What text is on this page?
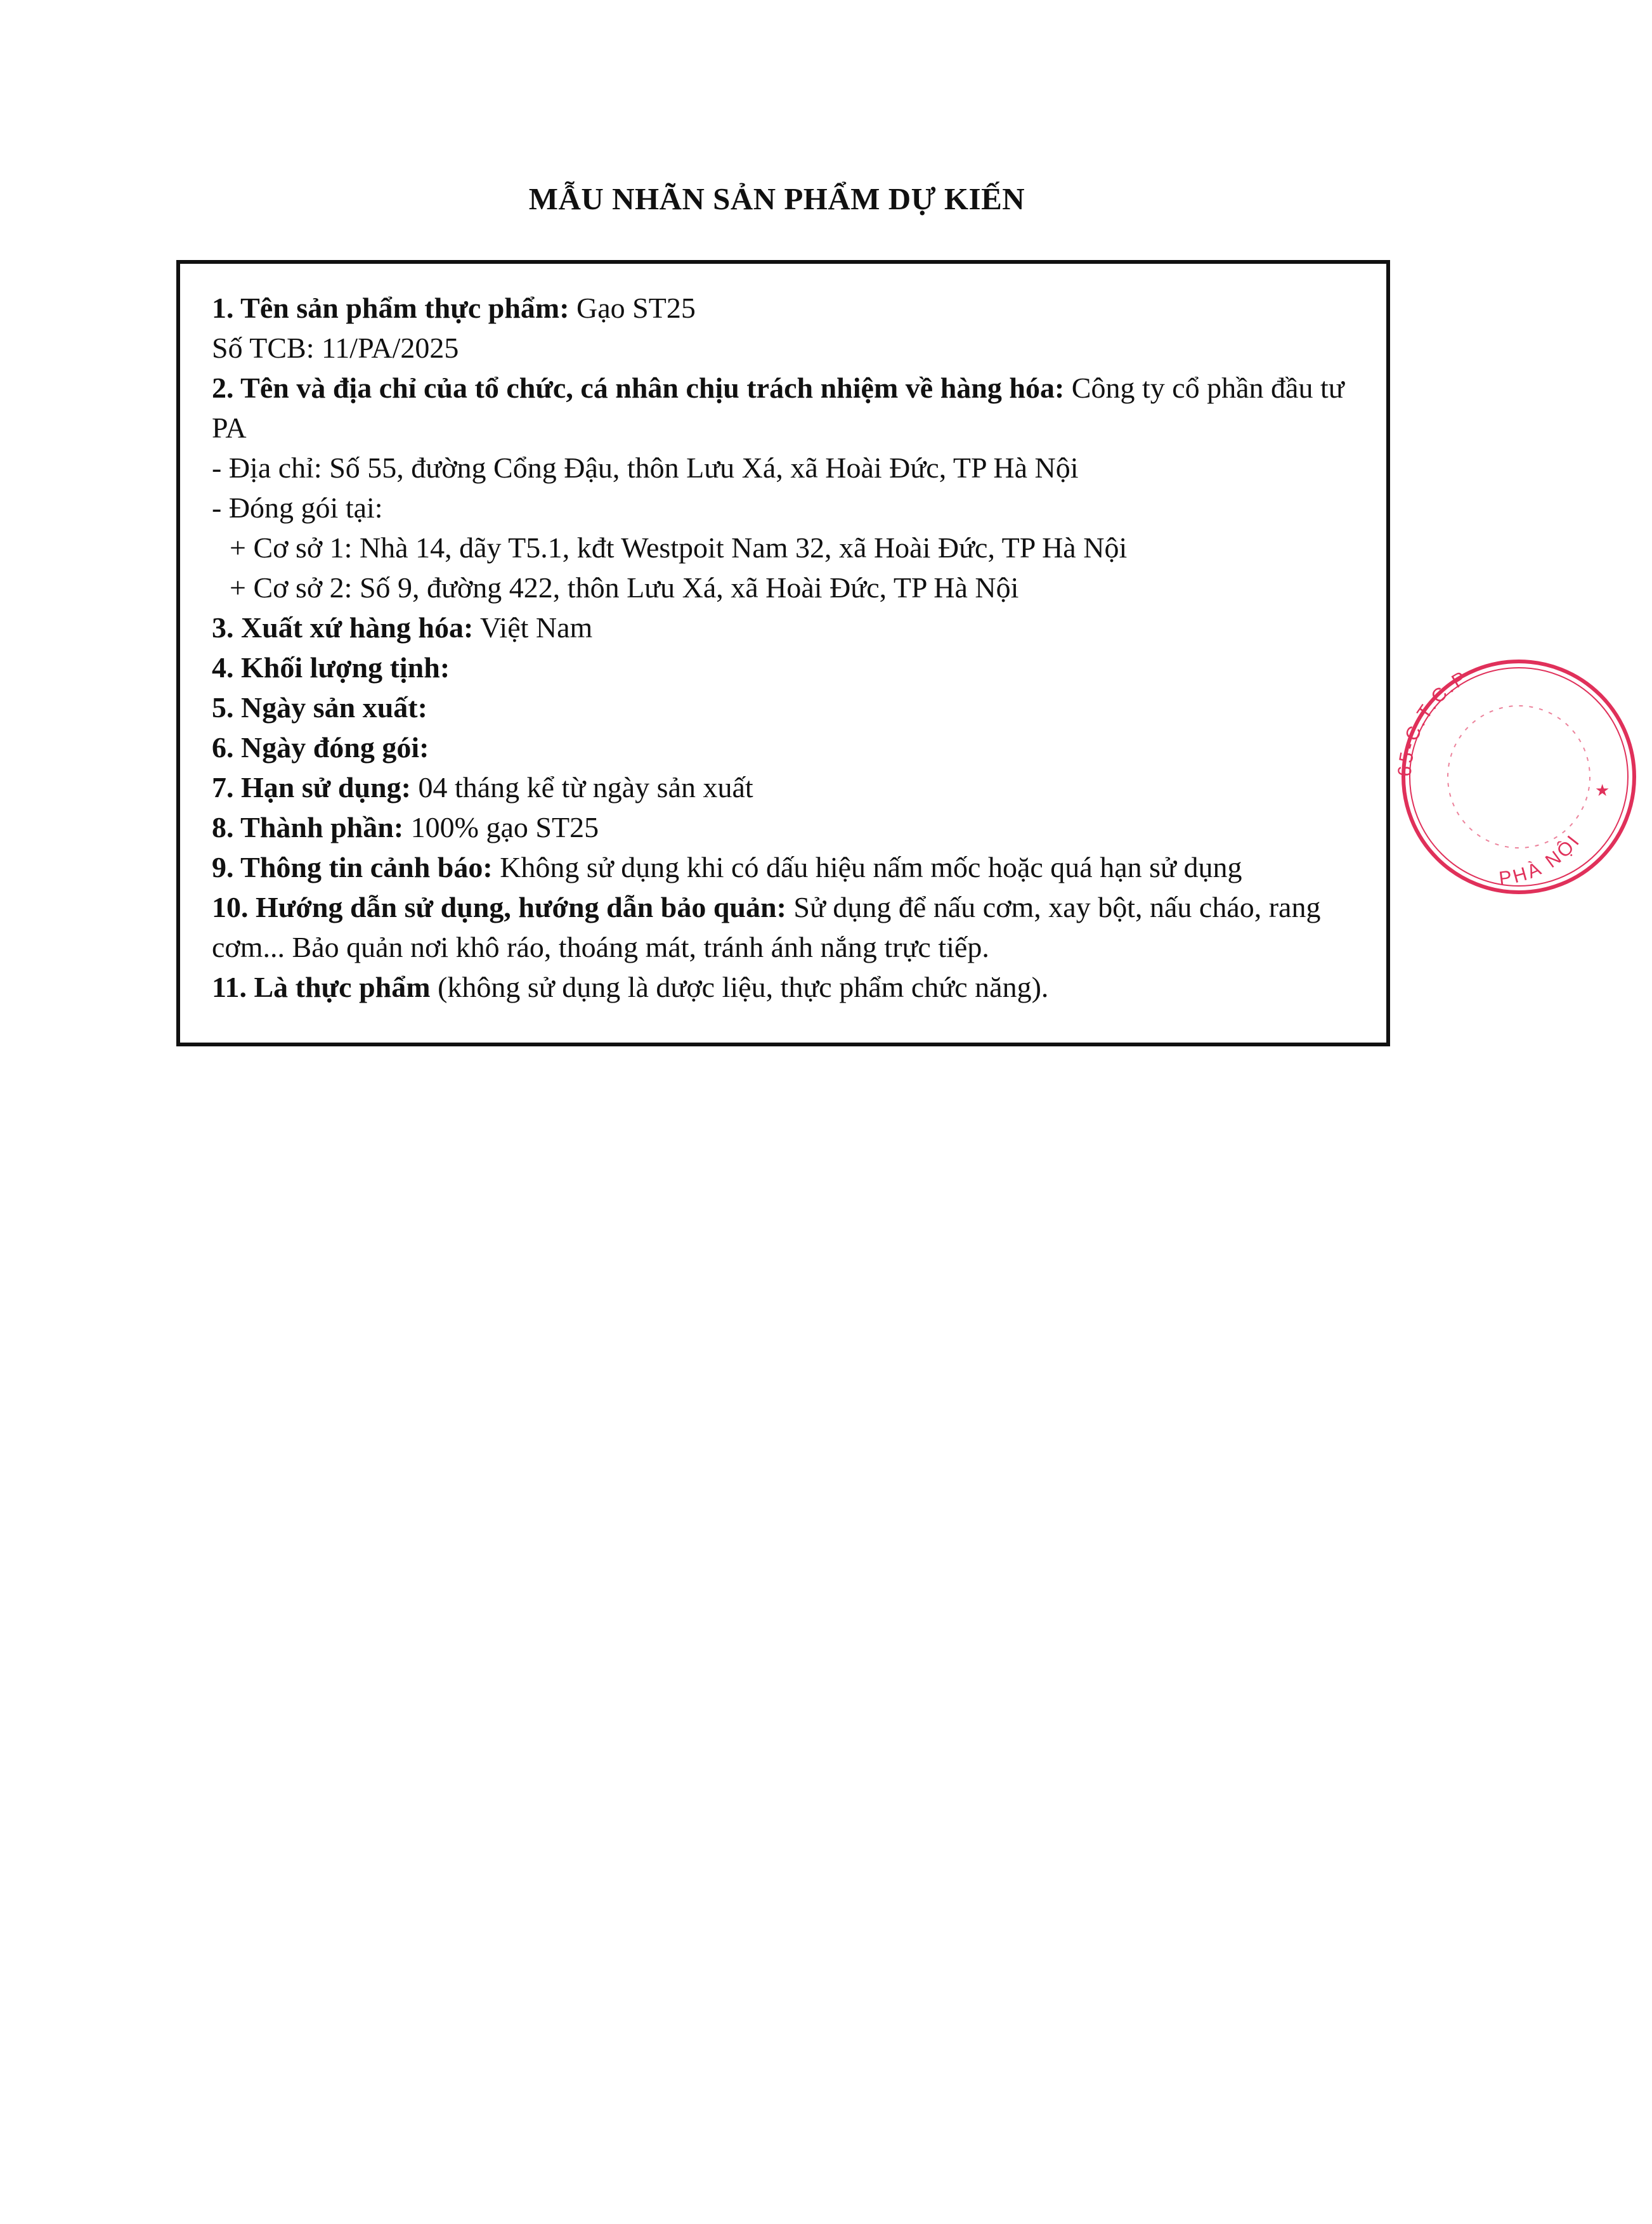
MẪU NHÃN SẢN PHẨM DỰ KIẾN
1. Tên sản phẩm thực phẩm: Gạo ST25
Số TCB: 11/PA/2025
2. Tên và địa chỉ của tổ chức, cá nhân chịu trách nhiệm về hàng hóa: Công ty cổ phần đầu tư PA
- Địa chỉ: Số 55, đường Cổng Đậu, thôn Lưu Xá, xã Hoài Đức, TP Hà Nội
- Đóng gói tại:
+ Cơ sở 1: Nhà 14, dãy T5.1, kđt Westpoit Nam 32, xã Hoài Đức, TP Hà Nội
+ Cơ sở 2: Số 9, đường 422, thôn Lưu Xá, xã Hoài Đức, TP Hà Nội
3. Xuất xứ hàng hóa: Việt Nam
4. Khối lượng tịnh:
5. Ngày sản xuất:
6. Ngày đóng gói:
7. Hạn sử dụng: 04 tháng kể từ ngày sản xuất
8. Thành phần: 100% gạo ST25
9. Thông tin cảnh báo: Không sử dụng khi có dấu hiệu nấm mốc hoặc quá hạn sử dụng
10. Hướng dẫn sử dụng, hướng dẫn bảo quản: Sử dụng để nấu cơm, xay bột, nấu cháo, rang cơm... Bảo quản nơi khô ráo, thoáng mát, tránh ánh nắng trực tiếp.
11. Là thực phẩm (không sử dụng là dược liệu, thực phẩm chức năng).
65-C.T.C.P
PHÀ NỘI
★
